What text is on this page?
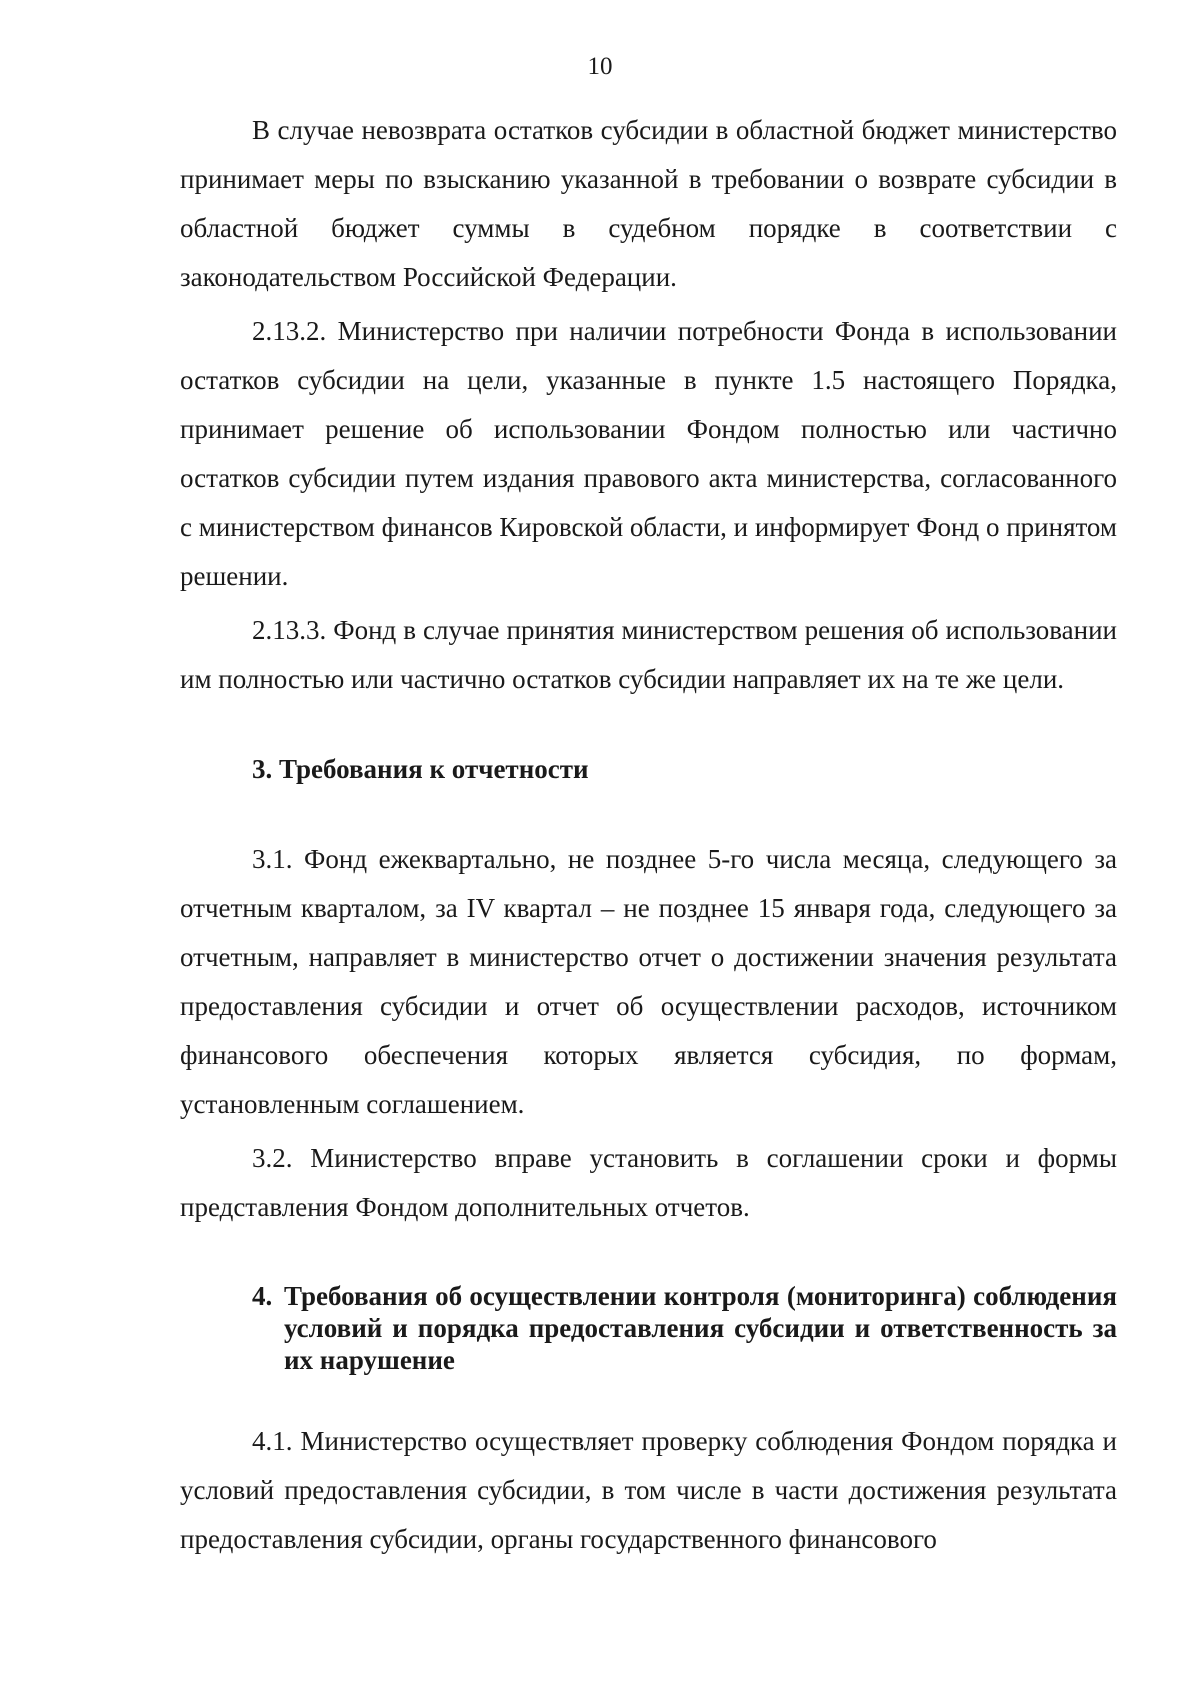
10

В случае невозврата остатков субсидии в областной бюджет министерство принимает меры по взысканию указанной в требовании о возврате субсидии в областной бюджет суммы в судебном порядке в соответствии с законодательством Российской Федерации.

2.13.2. Министерство при наличии потребности Фонда в использовании остатков субсидии на цели, указанные в пункте 1.5 настоящего Порядка, принимает решение об использовании Фондом полностью или частично остатков субсидии путем издания правового акта министерства, согласованного с министерством финансов Кировской области, и информирует Фонд о принятом решении.

2.13.3. Фонд в случае принятия министерством решения об использовании им полностью или частично остатков субсидии направляет их на те же цели.

3. Требования к отчетности

3.1. Фонд ежеквартально, не позднее 5-го числа месяца, следующего за отчетным кварталом, за IV квартал – не позднее 15 января года, следующего за отчетным, направляет в министерство отчет о достижении значения результата предоставления субсидии и отчет об осуществлении расходов, источником финансового обеспечения которых является субсидия, по формам, установленным соглашением.

3.2. Министерство вправе установить в соглашении сроки и формы представления Фондом дополнительных отчетов.

4. Требования об осуществлении контроля (мониторинга) соблюдения условий и порядка предоставления субсидии и ответственность за их нарушение

4.1. Министерство осуществляет проверку соблюдения Фондом порядка и условий предоставления субсидии, в том числе в части достижения результата предоставления субсидии, органы государственного финансового
